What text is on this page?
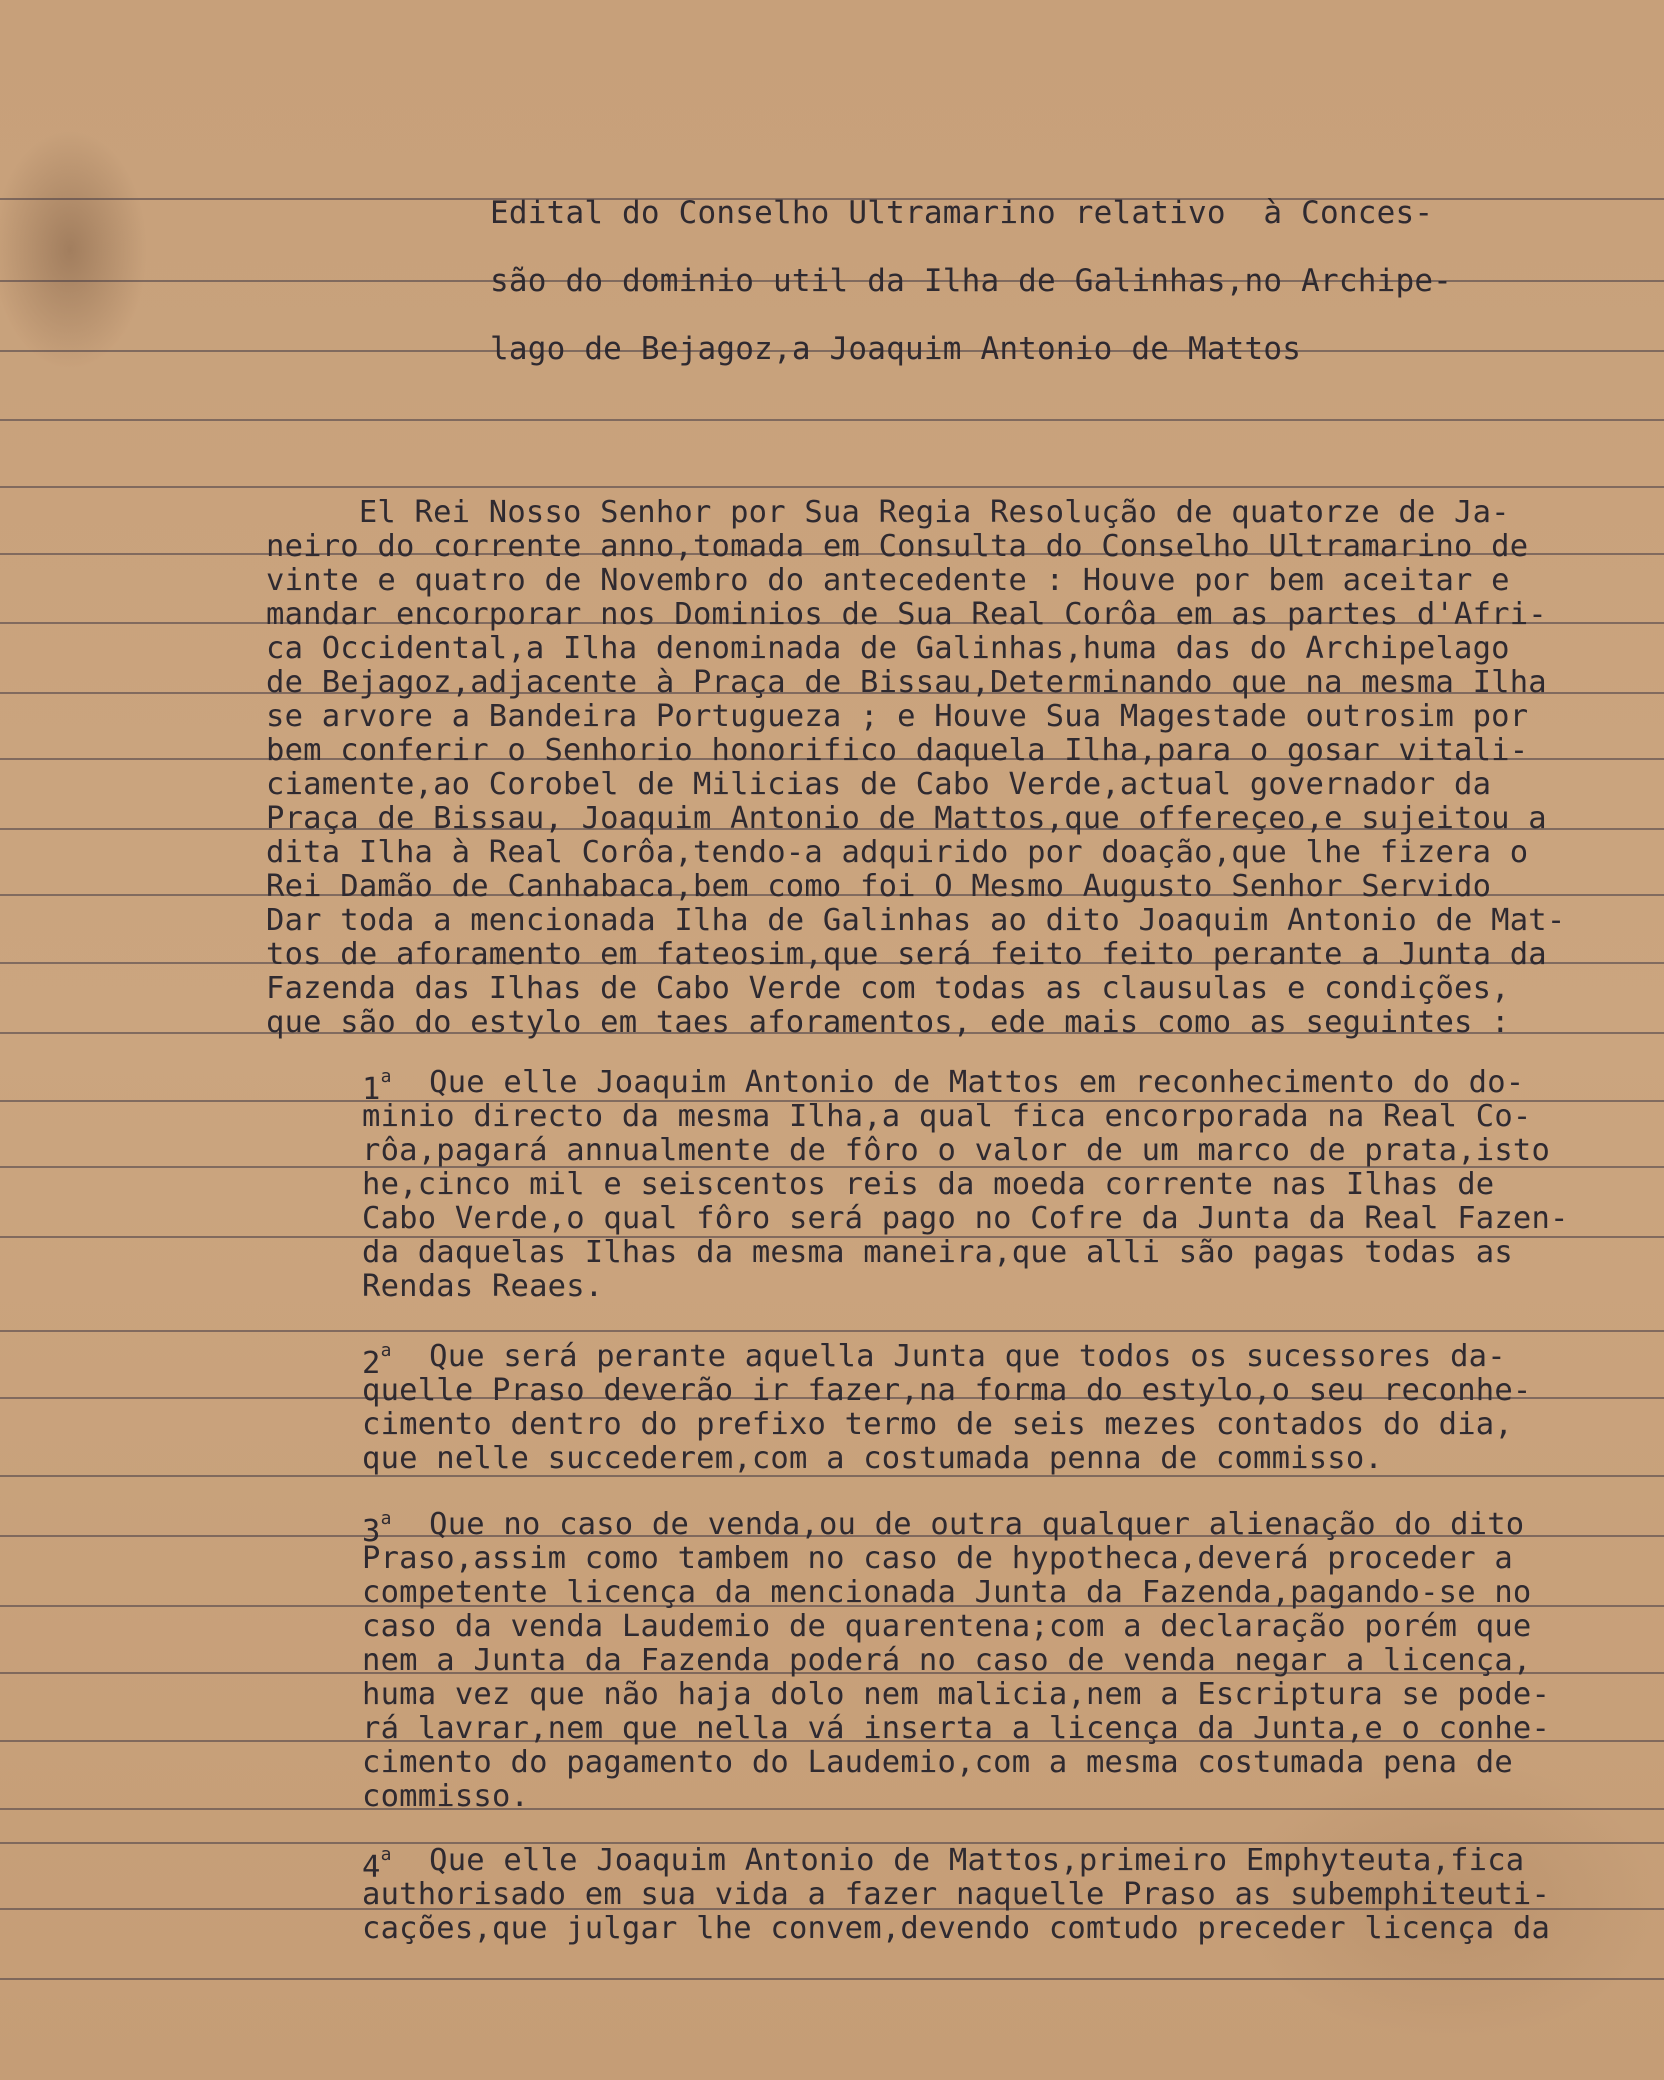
Edital do Conselho Ultramarino relativo  à Conces-
são do dominio util da Ilha de Galinhas,no Archipe-
lago de Bejagoz,a Joaquim Antonio de Mattos
El Rei Nosso Senhor por Sua Regia Resolução de quatorze de Ja-
neiro do corrente anno,tomada em Consulta do Conselho Ultramarino de
vinte e quatro de Novembro do antecedente : Houve por bem aceitar e
mandar encorporar nos Dominios de Sua Real Corôa em as partes d'Afri-
ca Occidental,a Ilha denominada de Galinhas,huma das do Archipelago
de Bejagoz,adjacente à Praça de Bissau,Determinando que na mesma Ilha
se arvore a Bandeira Portugueza ; e Houve Sua Magestade outrosim por
bem conferir o Senhorio honorifico daquela Ilha,para o gosar vitali-
ciamente,ao Corobel de Milicias de Cabo Verde,actual governador da
Praça de Bissau, Joaquim Antonio de Mattos,que offereçeo,e sujeitou a
dita Ilha à Real Corôa,tendo-a adquirido por doação,que lhe fizera o
Rei Damão de Canhabaca,bem como foi O Mesmo Augusto Senhor Servido
Dar toda a mencionada Ilha de Galinhas ao dito Joaquim Antonio de Mat-
tos de aforamento em fateosim,que será feito feito perante a Junta da
Fazenda das Ilhas de Cabo Verde com todas as clausulas e condições,
que são do estylo em taes aforamentos, ede mais como as seguintes :
1$^a$ Que elle Joaquim Antonio de Mattos em reconhecimento do do-
minio directo da mesma Ilha,a qual fica encorporada na Real Co-
rôa,pagará annualmente de fôro o valor de um marco de prata,isto
he,cinco mil e seiscentos reis da moeda corrente nas Ilhas de
Cabo Verde,o qual fôro será pago no Cofre da Junta da Real Fazen-
da daquelas Ilhas da mesma maneira,que alli são pagas todas as
Rendas Reaes.
2$^a$ Que será perante aquella Junta que todos os sucessores da-
quelle Praso deverão ir fazer,na forma do estylo,o seu reconhe-
cimento dentro do prefixo termo de seis mezes contados do dia,
que nelle succederem,com a costumada penna de commisso.
3$^a$ Que no caso de venda,ou de outra qualquer alienação do dito
Praso,assim como tambem no caso de hypotheca,deverá proceder a
competente licença da mencionada Junta da Fazenda,pagando-se no
caso da venda Laudemio de quarentena;com a declaração porém que
nem a Junta da Fazenda poderá no caso de venda negar a licença,
huma vez que não haja dolo nem malicia,nem a Escriptura se pode-
rá lavrar,nem que nella vá inserta a licença da Junta,e o conhe-
cimento do pagamento do Laudemio,com a mesma costumada pena de
commisso.
4$^a$ Que elle Joaquim Antonio de Mattos,primeiro Emphyteuta,fica
authorisado em sua vida a fazer naquelle Praso as subemphiteuti-
cações,que julgar lhe convem,devendo comtudo preceder licença da
